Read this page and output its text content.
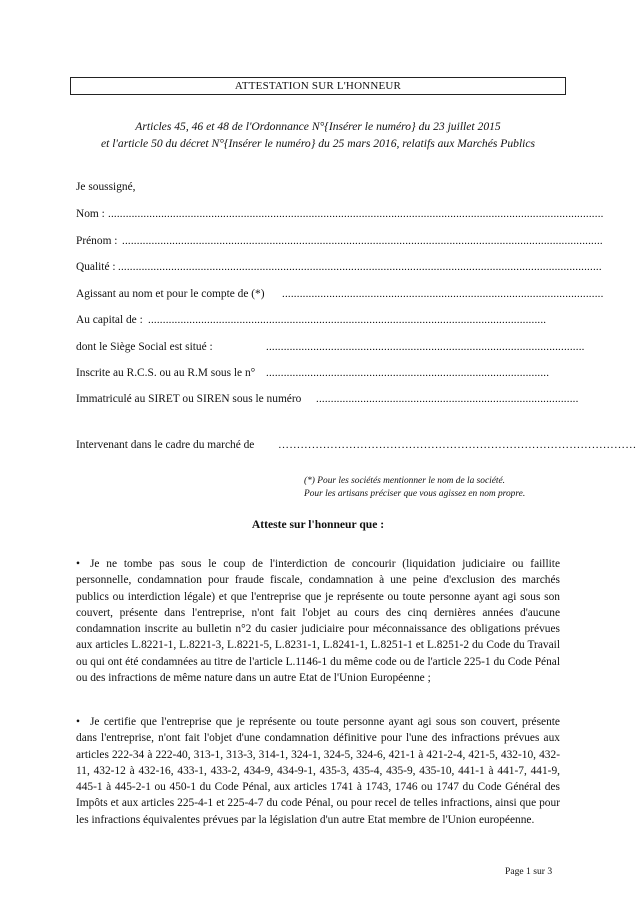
ATTESTATION SUR L'HONNEUR
Articles 45, 46 et 48 de l'Ordonnance N°{Insérer le numéro} du 23 juillet 2015
et l'article 50 du décret N°{Insérer le numéro} du 25 mars 2016, relatifs aux Marchés Publics
Je soussigné,
Nom : ........................................................................................................................................................................
Prénom : ...................................................................................................................................................................
Qualité : ....................................................................................................................................................................
Agissant au nom et pour le compte de (*) .............................................................................................................
Au capital de : .......................................................................................................................................
dont le Siège Social est situé :	............................................................................................................
Inscrite au R.C.S. ou au R.M sous le n° ................................................................................................
Immatriculé au SIRET ou SIREN sous le numéro .........................................................................................
Intervenant dans le cadre du marché de ……………………………………………………………………………………
(*) Pour les sociétés mentionner le nom de la société.
Pour les artisans préciser que vous agissez en nom propre.
Atteste sur l'honneur que :
• Je ne tombe pas sous le coup de l'interdiction de concourir (liquidation judiciaire ou faillite personnelle, condamnation pour fraude fiscale, condamnation à une peine d'exclusion des marchés publics ou interdiction légale) et que l'entreprise que je représente ou toute personne ayant agi sous son couvert, présente dans l'entreprise, n'ont fait l'objet au cours des cinq dernières années d'aucune condamnation inscrite au bulletin n°2 du casier judiciaire pour méconnaissance des obligations prévues aux articles L.8221-1, L.8221-3, L.8221-5, L.8231-1, L.8241-1, L.8251-1 et L.8251-2 du Code du Travail ou qui ont été condamnées au titre de l'article L.1146-1 du même code ou de l'article 225-1 du Code Pénal ou des infractions de même nature dans un autre Etat de l'Union Européenne ;
• Je certifie que l'entreprise que je représente ou toute personne ayant agi sous son couvert, présente dans l'entreprise, n'ont fait l'objet d'une condamnation définitive pour l'une des infractions prévues aux articles 222-34 à 222-40, 313-1, 313-3, 314-1, 324-1, 324-5, 324-6, 421-1 à 421-2-4, 421-5, 432-10, 432-11, 432-12 à 432-16, 433-1, 433-2, 434-9, 434-9-1, 435-3, 435-4, 435-9, 435-10, 441-1 à 441-7, 441-9, 445-1 à 445-2-1 ou 450-1 du Code Pénal, aux articles 1741 à 1743, 1746 ou 1747 du Code Général des Impôts et aux articles 225-4-1 et 225-4-7 du code Pénal, ou pour recel de telles infractions, ainsi que pour les infractions équivalentes prévues par la législation d'un autre Etat membre de l'Union européenne.
Page 1 sur 3
